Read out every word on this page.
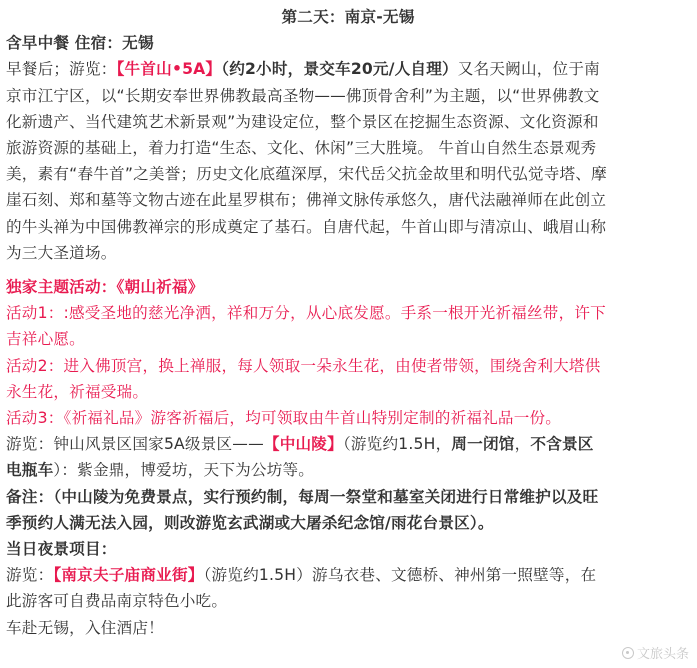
第二天：南京-无锡
含早中餐 住宿：无锡
早餐后；游览：【牛首山•5A】（约2小时，景交车20元/人自理）又名天阙山，位于南
京市江宁区，以“长期安奉世界佛教最高圣物——佛顶骨舍利”为主题，以“世界佛教文
化新遗产、当代建筑艺术新景观”为建设定位，整个景区在挖掘生态资源、文化资源和
旅游资源的基础上，着力打造“生态、文化、休闲”三大胜境。 牛首山自然生态景观秀
美，素有“春牛首”之美誉；历史文化底蕴深厚，宋代岳父抗金故里和明代弘觉寺塔、摩
崖石刻、郑和墓等文物古迹在此星罗棋布；佛禅文脉传承悠久，唐代法融禅师在此创立
的牛头禅为中国佛教禅宗的形成奠定了基石。自唐代起，牛首山即与清凉山、峨眉山称
为三大圣道场。
独家主题活动：《朝山祈福》
活动1：:感受圣地的慈光净洒，祥和万分，从心底发愿。手系一根开光祈福丝带，许下
吉祥心愿。
活动2：进入佛顶宫，换上禅服，每人领取一朵永生花，由使者带领，围绕舍利大塔供
永生花，祈福受瑞。
活动3：《祈福礼品》游客祈福后，均可领取由牛首山特别定制的祈福礼品一份。
游览：钟山风景区国家5A级景区——【中山陵】（游览约1.5H，周一闭馆，不含景区
电瓶车）：紫金鼎，博爱坊，天下为公坊等。
备注：（中山陵为免费景点，实行预约制，每周一祭堂和墓室关闭进行日常维护以及旺
季预约人满无法入园，则改游览玄武湖或大屠杀纪念馆/雨花台景区）。
当日夜景项目：
游览：【南京夫子庙商业街】（游览约1.5H）游乌衣巷、文德桥、神州第一照壁等，在
此游客可自费品南京特色小吃。
车赴无锡，入住酒店！
文旅头条
